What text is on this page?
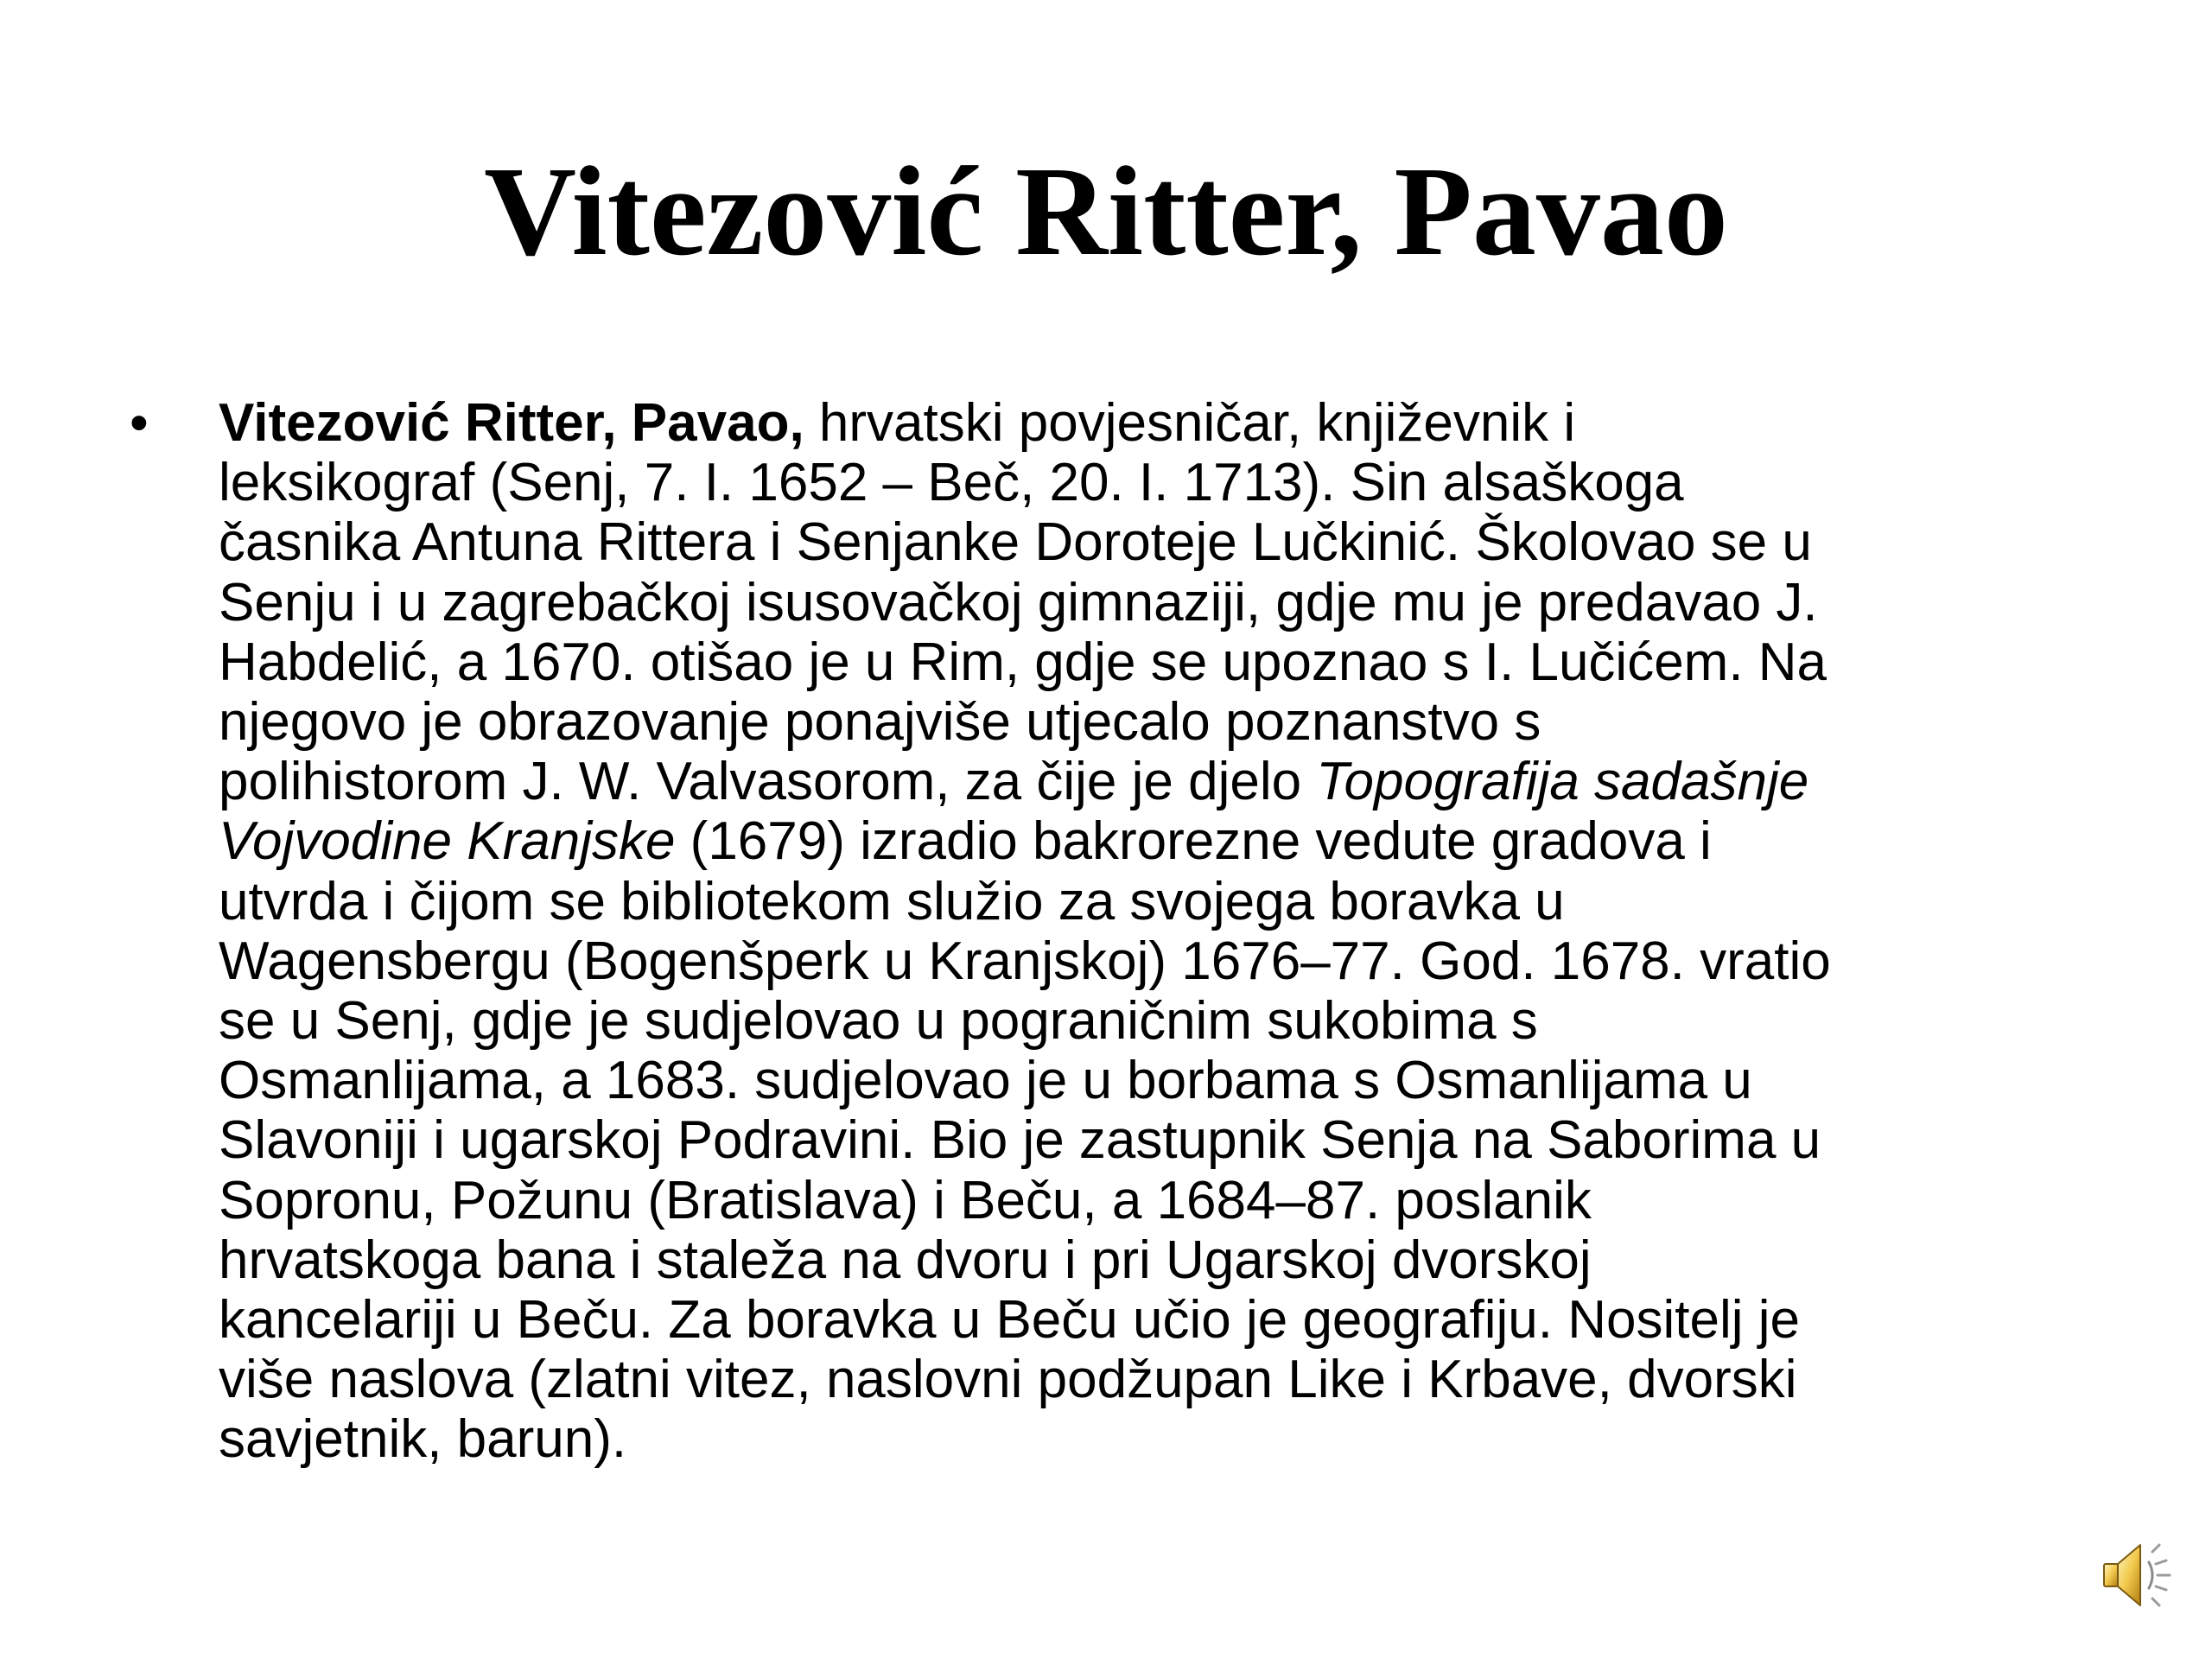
Vitezović Ritter, Pavao
• Vitezović Ritter, Pavao, hrvatski povjesničar, književnik i
leksikograf (Senj, 7. I. 1652 – Beč, 20. I. 1713). Sin alsaškoga
časnika Antuna Rittera i Senjanke Doroteje Lučkinić. Školovao se u
Senju i u zagrebačkoj isusovačkoj gimnaziji, gdje mu je predavao J.
Habdelić, a 1670. otišao je u Rim, gdje se upoznao s I. Lučićem. Na
njegovo je obrazovanje ponajviše utjecalo poznanstvo s
polihistorom J. W. Valvasorom, za čije je djelo Topografija sadašnje
Vojvodine Kranjske (1679) izradio bakrorezne vedute gradova i
utvrda i čijom se bibliotekom služio za svojega boravka u
Wagensbergu (Bogenšperk u Kranjskoj) 1676–77. God. 1678. vratio
se u Senj, gdje je sudjelovao u pograničnim sukobima s
Osmanlijama, a 1683. sudjelovao je u borbama s Osmanlijama u
Slavoniji i ugarskoj Podravini. Bio je zastupnik Senja na Saborima u
Sopronu, Požunu (Bratislava) i Beču, a 1684–87. poslanik
hrvatskoga bana i staleža na dvoru i pri Ugarskoj dvorskoj
kancelariji u Beču. Za boravka u Beču učio je geografiju. Nositelj je
više naslova (zlatni vitez, naslovni podžupan Like i Krbave, dvorski
savjetnik, barun).
